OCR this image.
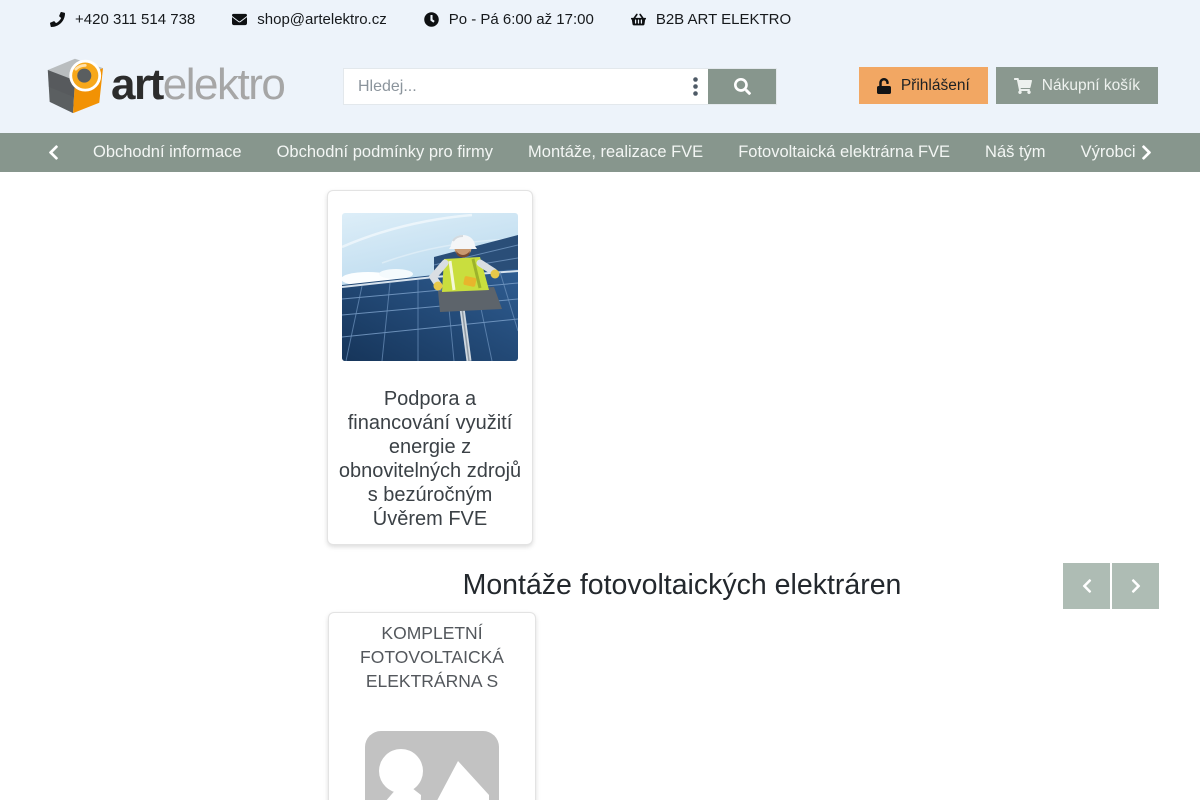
+420 311 514 738	shop@artelektro.cz	Po - Pá 6:00 až 17:00	B2B ART ELEKTRO
artelektro
Hledej...	Přihlášení	Nákupní košík
Obchodní informace Obchodní podmínky pro firmy Montáže, realizace FVE Fotovoltaická elektrárna FVE Náš tým Výrobci
Podpora a financování využití energie z obnovitelných zdrojů s bezúročným Úvěrem FVE
Montáže fotovoltaických elektráren
KOMPLETNÍ FOTOVOLTAICKÁ ELEKTRÁRNA S
